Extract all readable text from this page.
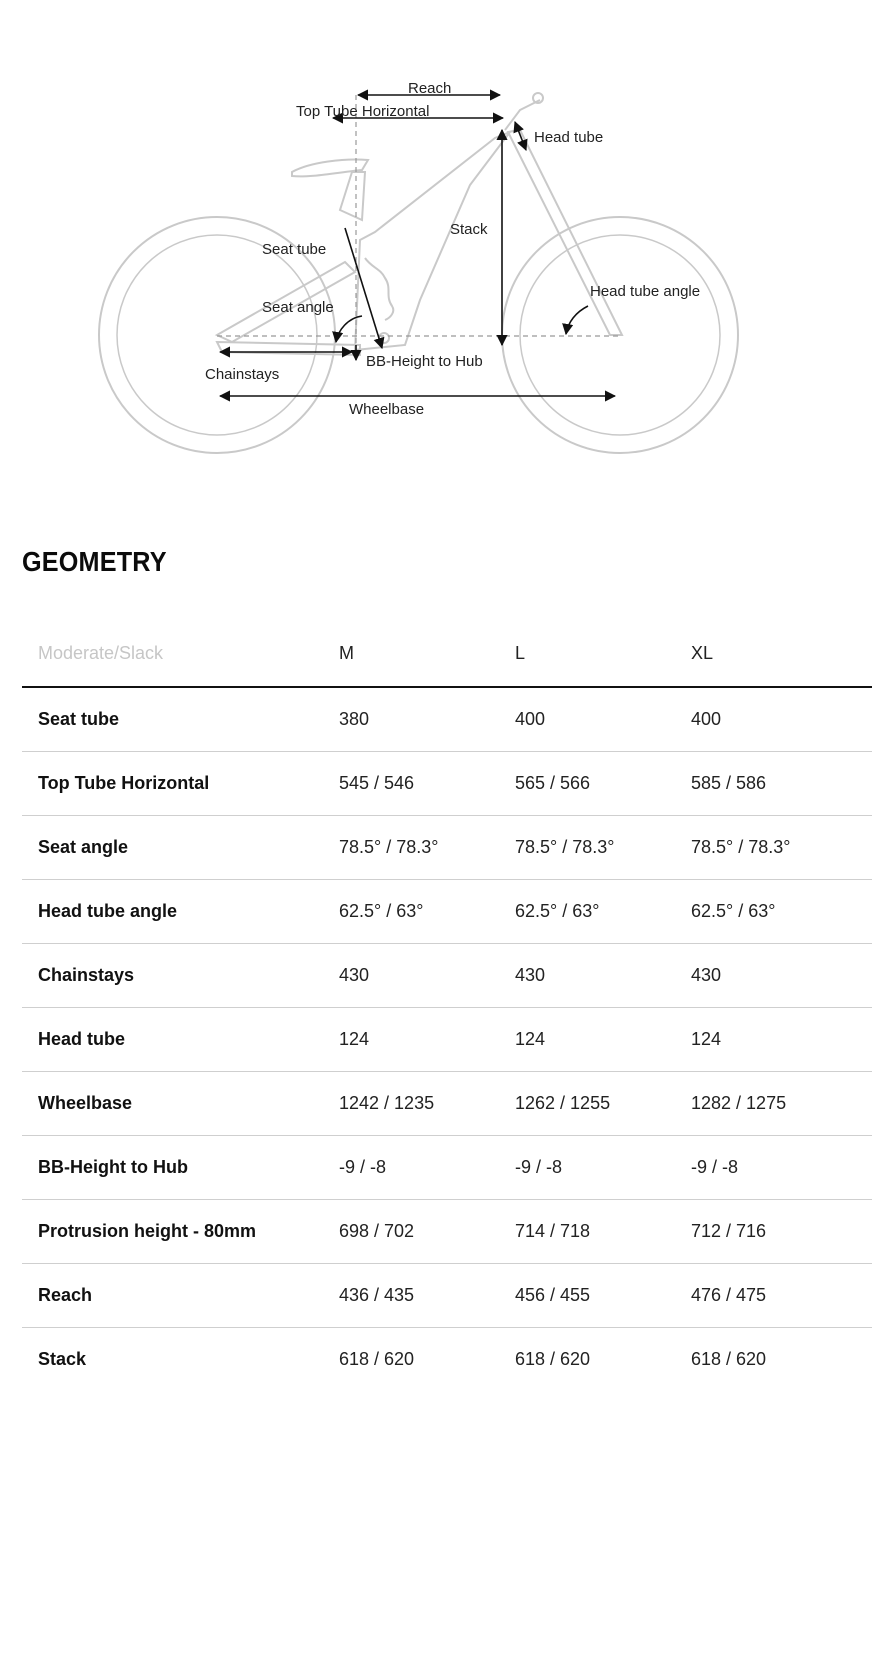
Reach
Top Tube Horizontal
Head tube
Stack
Seat tube
Seat angle
Head tube angle
Chainstays
BB-Height to Hub
Wheelbase
GEOMETRY
Moderate/Slack	M	L	XL
Seat tube	380	400	400
Top Tube Horizontal	545 / 546	565 / 566	585 / 586
Seat angle	78.5° / 78.3°	78.5° / 78.3°	78.5° / 78.3°
Head tube angle	62.5° / 63°	62.5° / 63°	62.5° / 63°
Chainstays	430	430	430
Head tube	124	124	124
Wheelbase	1242 / 1235	1262 / 1255	1282 / 1275
BB-Height to Hub	-9 / -8	-9 / -8	-9 / -8
Protrusion height - 80mm	698 / 702	714 / 718	712 / 716
Reach	436 / 435	456 / 455	476 / 475
Stack	618 / 620	618 / 620	618 / 620
